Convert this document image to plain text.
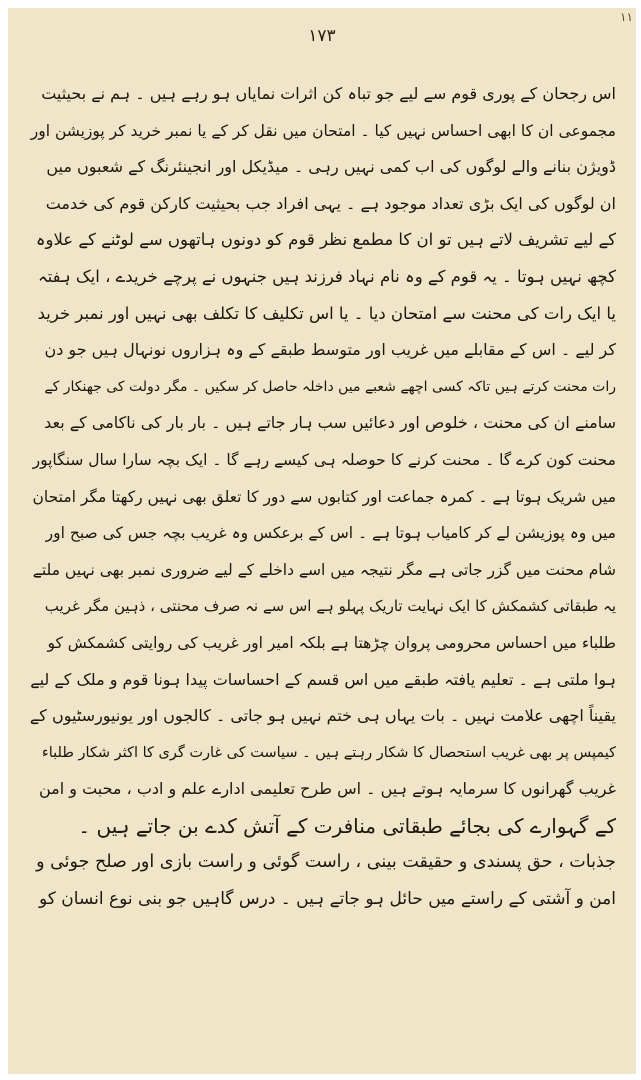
۱۱
۱۷۳
اس رجحان کے پوری قوم سے لیے جو تباہ کن اثرات نمایاں ہو رہے ہیں ۔ ہم نے بحیثیت
مجموعی ان کا ابھی احساس نہیں کیا ۔ امتحان میں نقل کر کے یا نمبر خرید کر پوزیشن اور
ڈویژن بنانے والے لوگوں کی اب کمی نہیں رہی ۔ میڈیکل اور انجینئرنگ کے شعبوں میں
ان لوگوں کی ایک بڑی تعداد موجود ہے ۔ یہی افراد جب بحیثیت کارکن قوم کی خدمت
کے لیے تشریف لاتے ہیں تو ان کا مطمع نظر قوم کو دونوں ہاتھوں سے لوٹنے کے علاوہ
کچھ نہیں ہوتا ۔ یہ قوم کے وہ نام نہاد فرزند ہیں جنہوں نے پرچے خریدے ، ایک ہفتہ
یا ایک رات کی محنت سے امتحان دیا ۔ یا اس تکلیف کا تکلف بھی نہیں اور نمبر خرید
کر لیے ۔ اس کے مقابلے میں غریب اور متوسط طبقے کے وہ ہزاروں نونہال ہیں جو دن
رات محنت کرتے ہیں تاکہ کسی اچھے شعبے میں داخلہ حاصل کر سکیں ۔ مگر دولت کی جھنکار کے
سامنے ان کی محنت ، خلوص اور دعائیں سب ہار جاتے ہیں ۔ بار بار کی ناکامی کے بعد
محنت کون کرے گا ۔ محنت کرنے کا حوصلہ ہی کیسے رہے گا ۔ ایک بچہ سارا سال سنگاپور
میں شریک ہوتا ہے ۔ کمرہ جماعت اور کتابوں سے دور کا تعلق بھی نہیں رکھتا مگر امتحان
میں وہ پوزیشن لے کر کامیاب ہوتا ہے ۔ اس کے برعکس وہ غریب بچہ جس کی صبح اور
شام محنت میں گزر جاتی ہے مگر نتیجہ میں اسے داخلے کے لیے ضروری نمبر بھی نہیں ملتے
یہ طبقاتی کشمکش کا ایک نہایت تاریک پہلو ہے اس سے نہ صرف محنتی ، ذہین مگر غریب
طلباء میں احساس محرومی پروان چڑھتا ہے بلکہ امیر اور غریب کی روایتی کشمکش کو
ہوا ملتی ہے ۔ تعلیم یافتہ طبقے میں اس قسم کے احساسات پیدا ہونا قوم و ملک کے لیے
یقیناً اچھی علامت نہیں ۔ بات یہاں ہی ختم نہیں ہو جاتی ۔ کالجوں اور یونیورسٹیوں کے
کیمپس پر بھی غریب استحصال کا شکار رہتے ہیں ۔ سیاست کی غارت گری کا اکثر شکار طلباء
غریب گھرانوں کا سرمایہ ہوتے ہیں ۔ اس طرح تعلیمی ادارے علم و ادب ، محبت و امن
کے گہوارے کی بجائے طبقاتی منافرت کے آتش کدے بن جاتے ہیں ۔
جذبات ، حق پسندی و حقیقت بینی ، راست گوئی و راست بازی اور صلح جوئی و
امن و آشتی کے راستے میں حائل ہو جاتے ہیں ۔ درس گاہیں جو بنی نوع انسان کو
